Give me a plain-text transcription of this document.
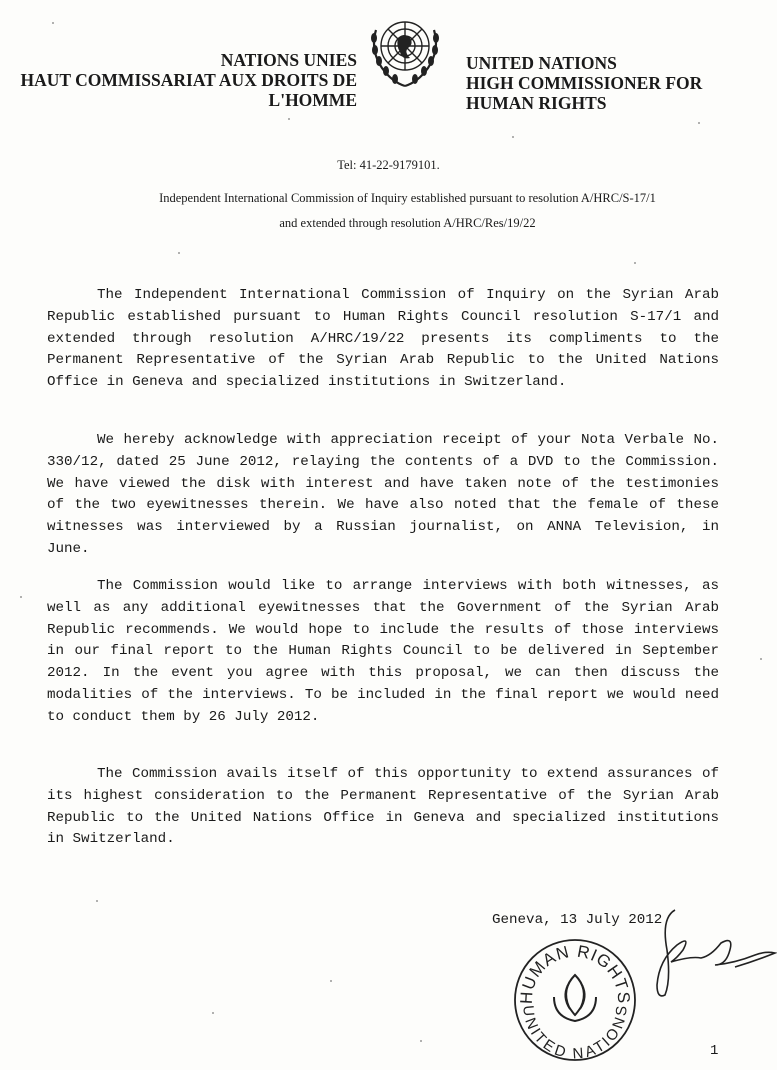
NATIONS UNIES
HAUT COMMISSARIAT AUX DROITS DE
L'HOMME
UNITED NATIONS
HIGH COMMISSIONER FOR
HUMAN RIGHTS
Tel: 41-22-9179101.
Independent International Commission of Inquiry established pursuant to resolution A/HRC/S-17/1
and extended through resolution A/HRC/Res/19/22

The Independent International Commission of Inquiry on the Syrian Arab Republic established pursuant to Human Rights Council resolution S-17/1 and extended through resolution A/HRC/19/22 presents its compliments to the Permanent Representative of the Syrian Arab Republic to the United Nations Office in Geneva and specialized institutions in Switzerland.

We hereby acknowledge with appreciation receipt of your Nota Verbale No. 330/12, dated 25 June 2012, relaying the contents of a DVD to the Commission. We have viewed the disk with interest and have taken note of the testimonies of the two eyewitnesses therein. We have also noted that the female of these witnesses was interviewed by a Russian journalist, on ANNA Television, in June.

The Commission would like to arrange interviews with both witnesses, as well as any additional eyewitnesses that the Government of the Syrian Arab Republic recommends. We would hope to include the results of those interviews in our final report to the Human Rights Council to be delivered in September 2012. In the event you agree with this proposal, we can then discuss the modalities of the interviews. To be included in the final report we would need to conduct them by 26 July 2012.

The Commission avails itself of this opportunity to extend assurances of its highest consideration to the Permanent Representative of the Syrian Arab Republic to the United Nations Office in Geneva and specialized institutions in Switzerland.

Geneva, 13 July 2012
HUMAN RIGHTS
UNITED NATIONS
1
